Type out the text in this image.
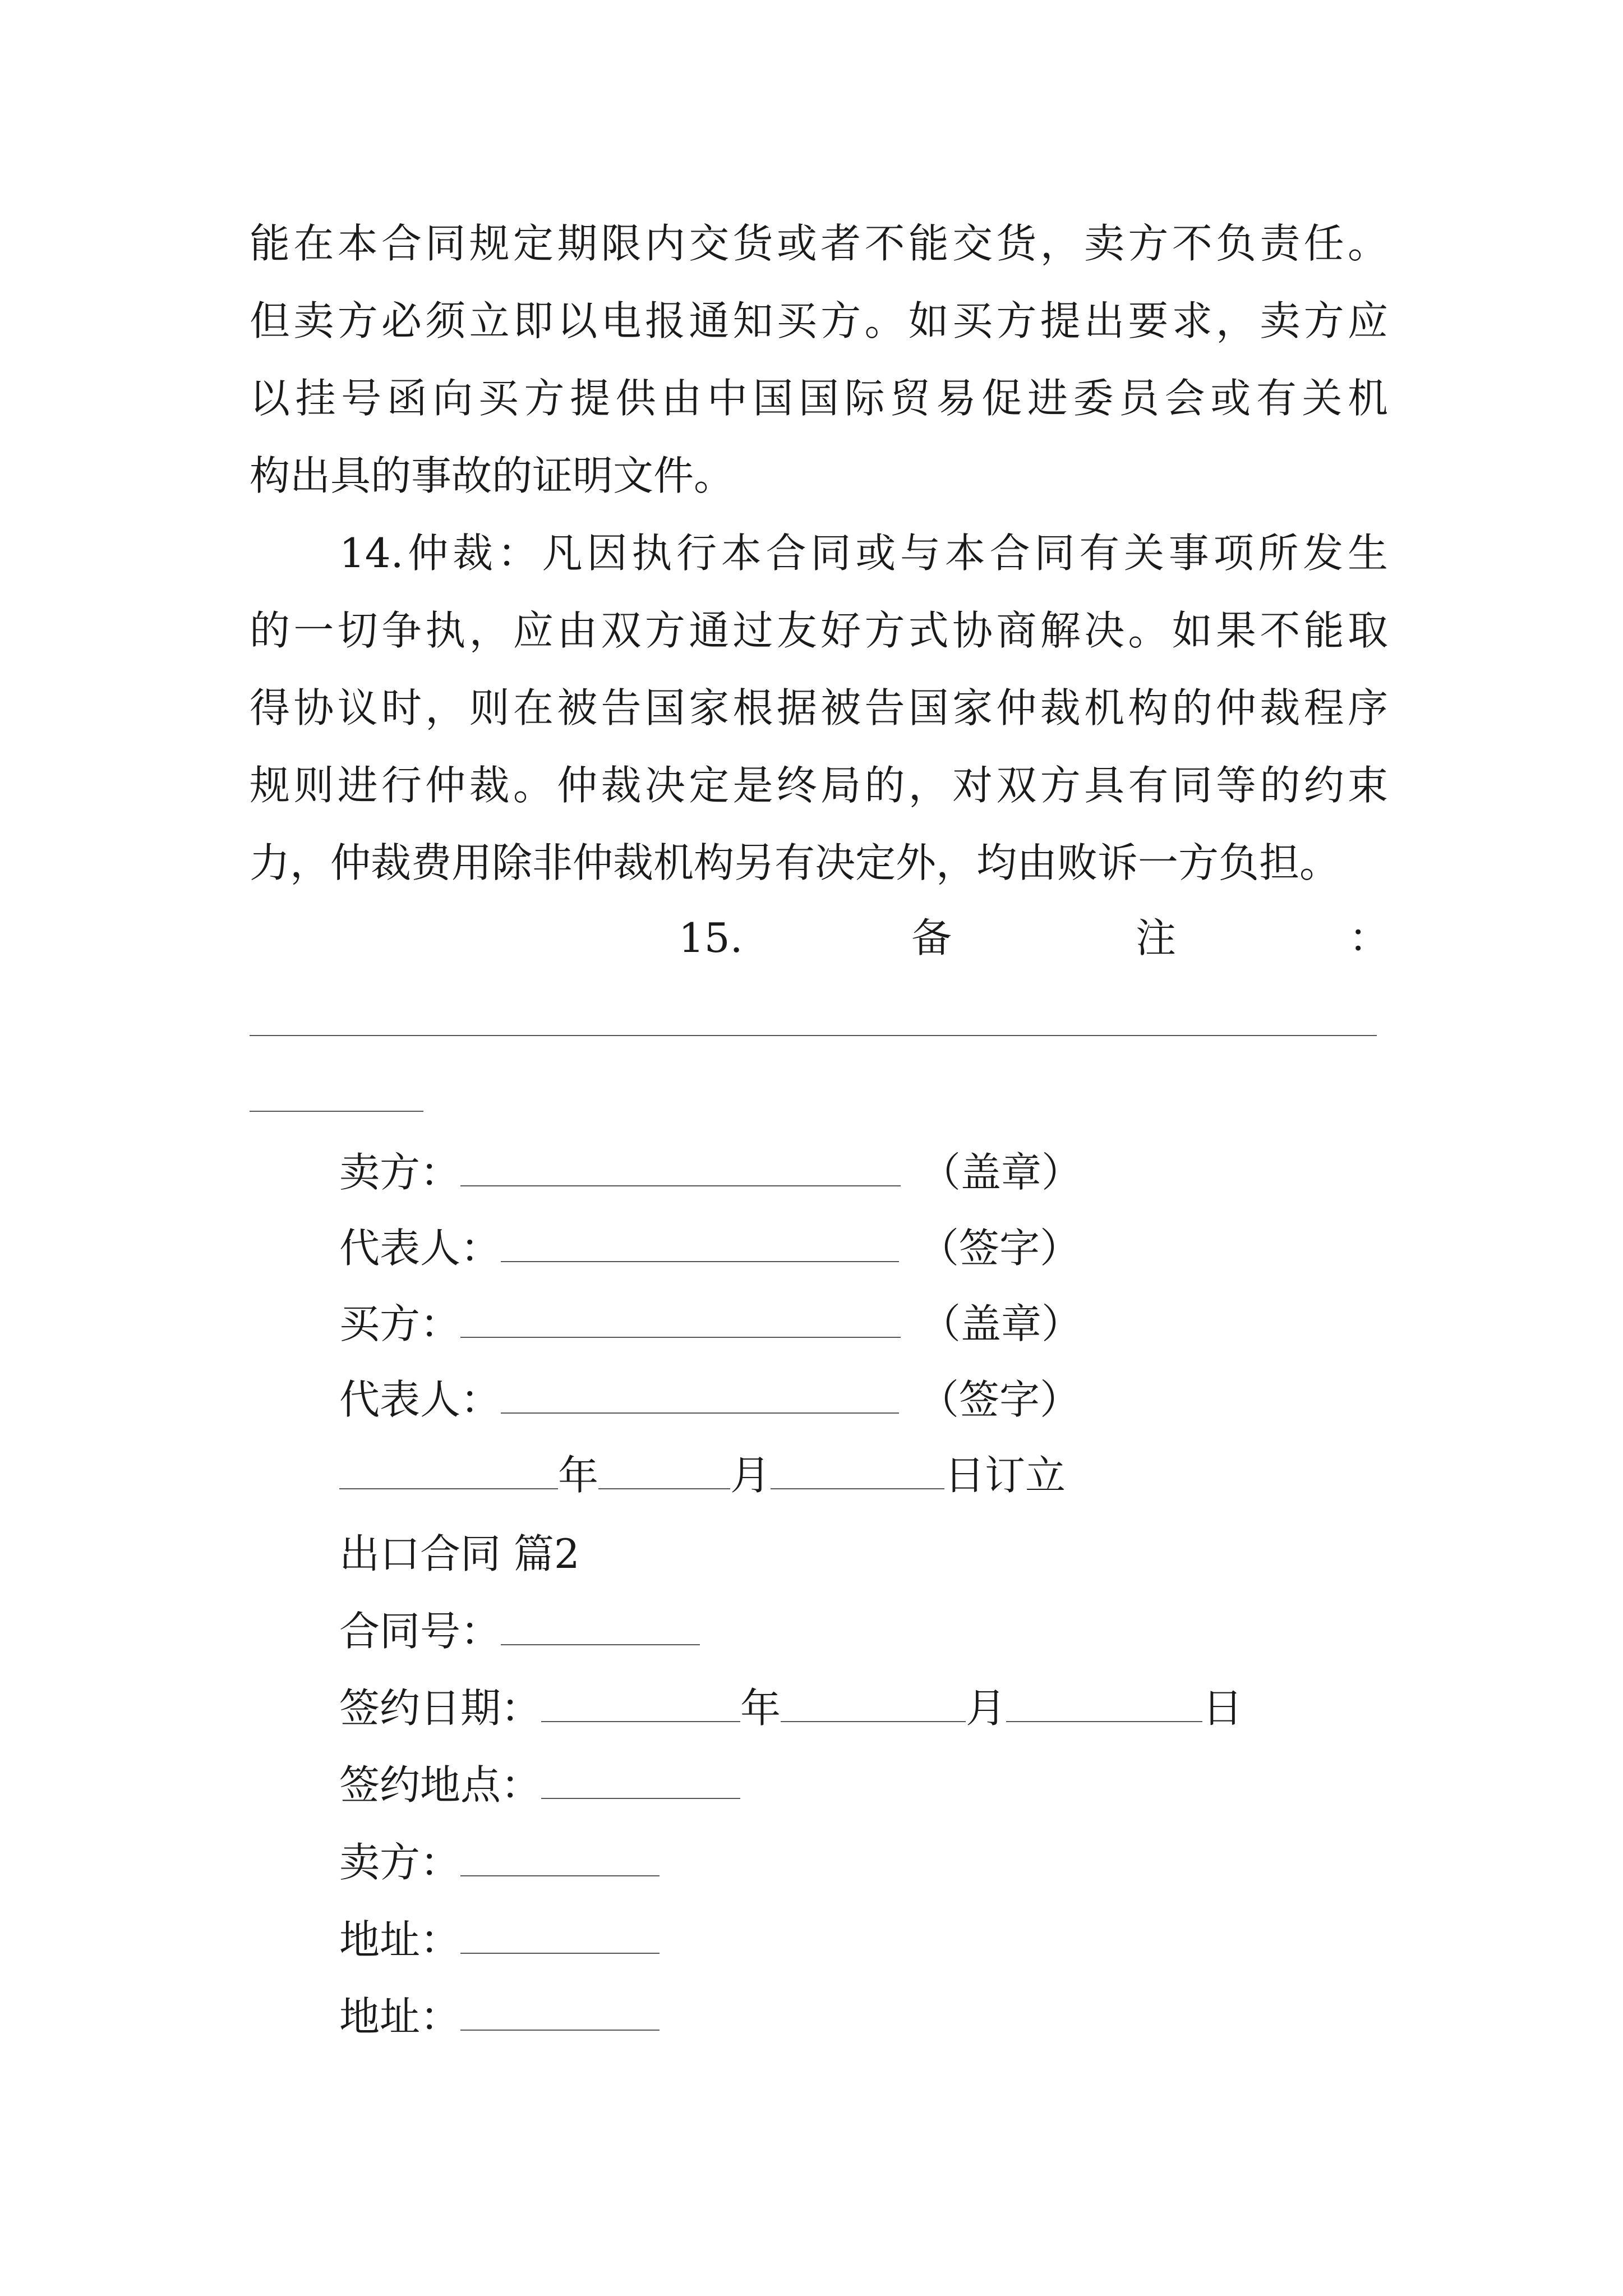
能在本合同规定期限内交货或者不能交货，卖方不负责任。
但卖方必须立即以电报通知买方。如买方提出要求，卖方应
以挂号函向买方提供由中国国际贸易促进委员会或有关机
构出具的事故的证明文件。
14.仲裁：凡因执行本合同或与本合同有关事项所发生
的一切争执，应由双方通过友好方式协商解决。如果不能取
得协议时，则在被告国家根据被告国家仲裁机构的仲裁程序
规则进行仲裁。仲裁决定是终局的，对双方具有同等的约束
力，仲裁费用除非仲裁机构另有决定外，均由败诉一方负担。
15.	备	注	：
卖方：	（盖章）
代表人：	（签字）
买方：	（盖章）
代表人：	（签字）
年	月	日订立
出口合同 篇2
合同号：
签约日期：	年	月	日
签约地点：
卖方：
地址：
地址：
